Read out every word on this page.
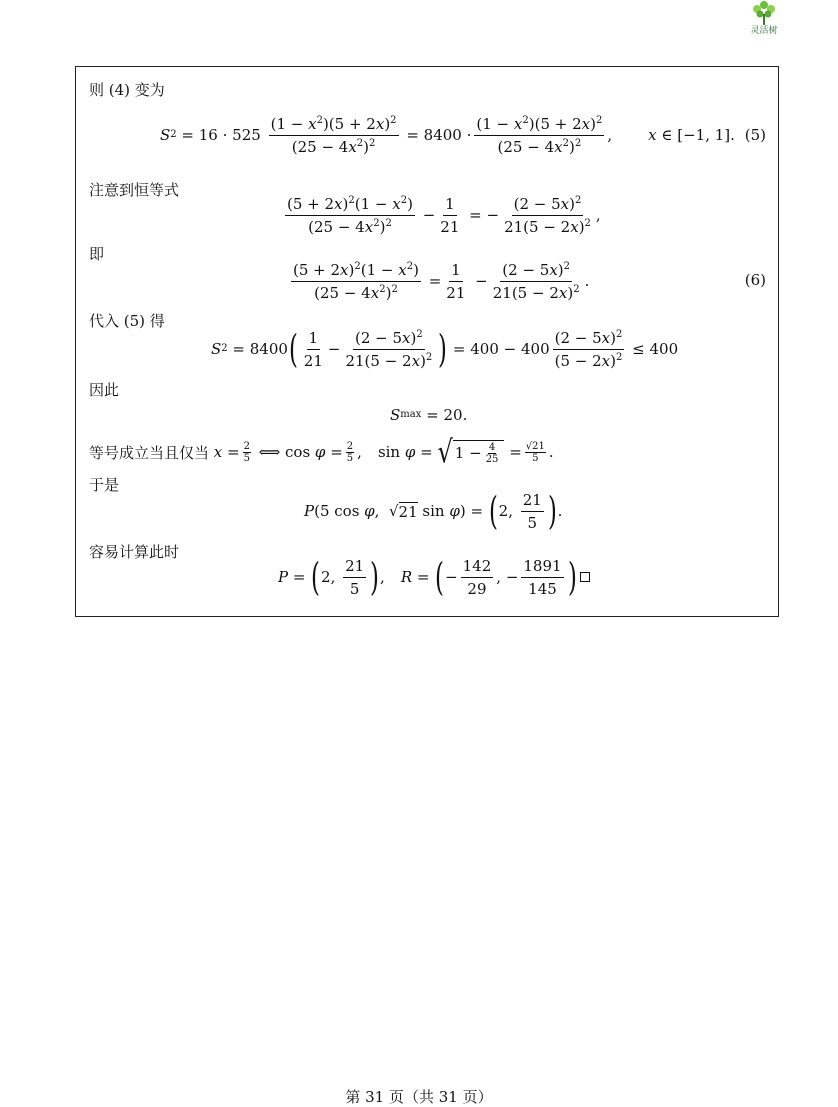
灵活树
则 (4) 变为
S 2 = 16 · 525
$\frac{(1 - x^2)(5 + 2x)^2}{(25 - 4x^2)^2} = 8400 \cdot \frac{(1 - x^2)(5 + 2x)^2}{(25 - 4x^2)^2}$ , x ∈ [−1, 1]. (5)
注意到恒等式
$\frac{(5 + 2x)^2(1 - x^2)}{(25 - 4x^2)^2} - \frac{1}{21}$ = − $\frac{(2 - 5x)^2}{21(5 - 2x)^2}$ ,
即
$\frac{(5 + 2x)^2(1 - x^2)}{(25 - 4x^2)^2} = \frac{1}{21} - \frac{(2 - 5x)^2}{21(5 - 2x)^2}$ .	(6)
代入 (5) 得
S 2 = 8400 ( $\frac{1}{21} - \frac{(2 - 5x)^2}{21(5 - 2x)^2}$ ) = $400 - 400 \frac{(2 - 5x)^2}{(5 - 2x)^2} \le 400$
因此
S max = 20 .
等号成立当且仅当
$x = \frac{2}{5}$ ⟺ $\cos \varphi = \frac{2}{5}$ ,
sin φ = √ $1 - \frac{4}{25} = \frac{√21}{5}$ .
于是
P (5 cos φ ,  √ 21 sin φ ) = ( 2, $\frac{21}{5}$ ) .
容易计算此时
P = ( 2, $\frac{21}{5}$ ) , R = ( − $\frac{142}{29}$ , − $\frac{1891}{145}$ )
第 31 页（共 31 页）
